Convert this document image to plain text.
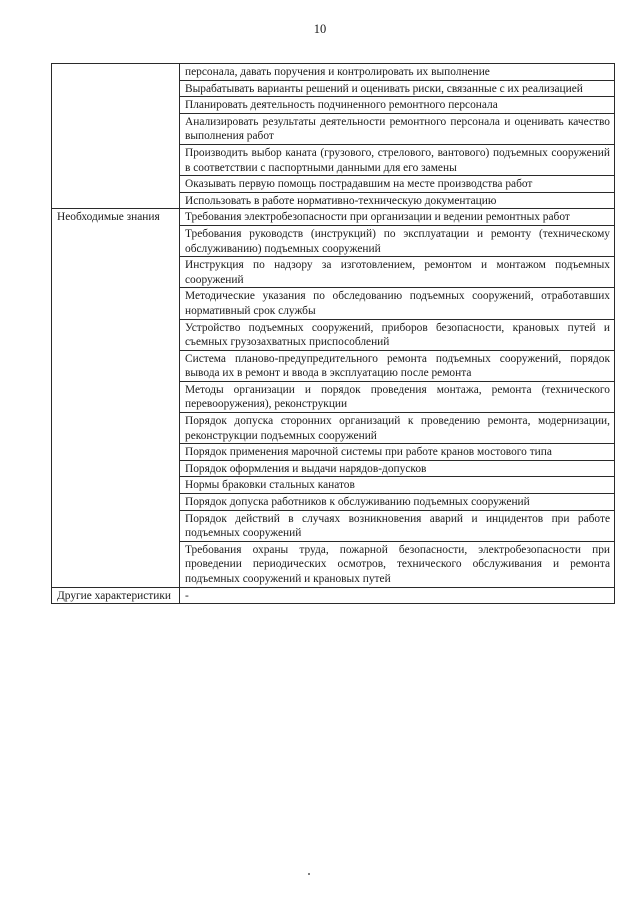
10
	персонала, давать поручения и контролировать их выполнение
	Вырабатывать варианты решений и оценивать риски, связанные с их реализацией
	Планировать деятельность подчиненного ремонтного персонала
	Анализировать результаты деятельности ремонтного персонала и оценивать качество выполнения работ
	Производить выбор каната (грузового, стрелового, вантового) подъемных сооружений в соответствии с паспортными данными для его замены
	Оказывать первую помощь пострадавшим на месте производства работ
	Использовать в работе нормативно-техническую документацию
Необходимые знания	Требования электробезопасности при организации и ведении ремонтных работ
	Требования руководств (инструкций) по эксплуатации и ремонту (техническому обслуживанию) подъемных сооружений
	Инструкция по надзору за изготовлением, ремонтом и монтажом подъемных сооружений
	Методические указания по обследованию подъемных сооружений, отработавших нормативный срок службы
	Устройство подъемных сооружений, приборов безопасности, крановых путей и съемных грузозахватных приспособлений
	Система планово-предупредительного ремонта подъемных сооружений, порядок вывода их в ремонт и ввода в эксплуатацию после ремонта
	Методы организации и порядок проведения монтажа, ремонта (технического перевооружения), реконструкции
	Порядок допуска сторонних организаций к проведению ремонта, модернизации, реконструкции подъемных сооружений
	Порядок применения марочной системы при работе кранов мостового типа
	Порядок оформления и выдачи нарядов-допусков
	Нормы браковки стальных канатов
	Порядок допуска работников к обслуживанию подъемных сооружений
	Порядок действий в случаях возникновения аварий и инцидентов при работе подъемных сооружений
	Требования охраны труда, пожарной безопасности, электробезопасности при проведении периодических осмотров, технического обслуживания и ремонта подъемных сооружений и крановых путей
Другие характеристики	-
